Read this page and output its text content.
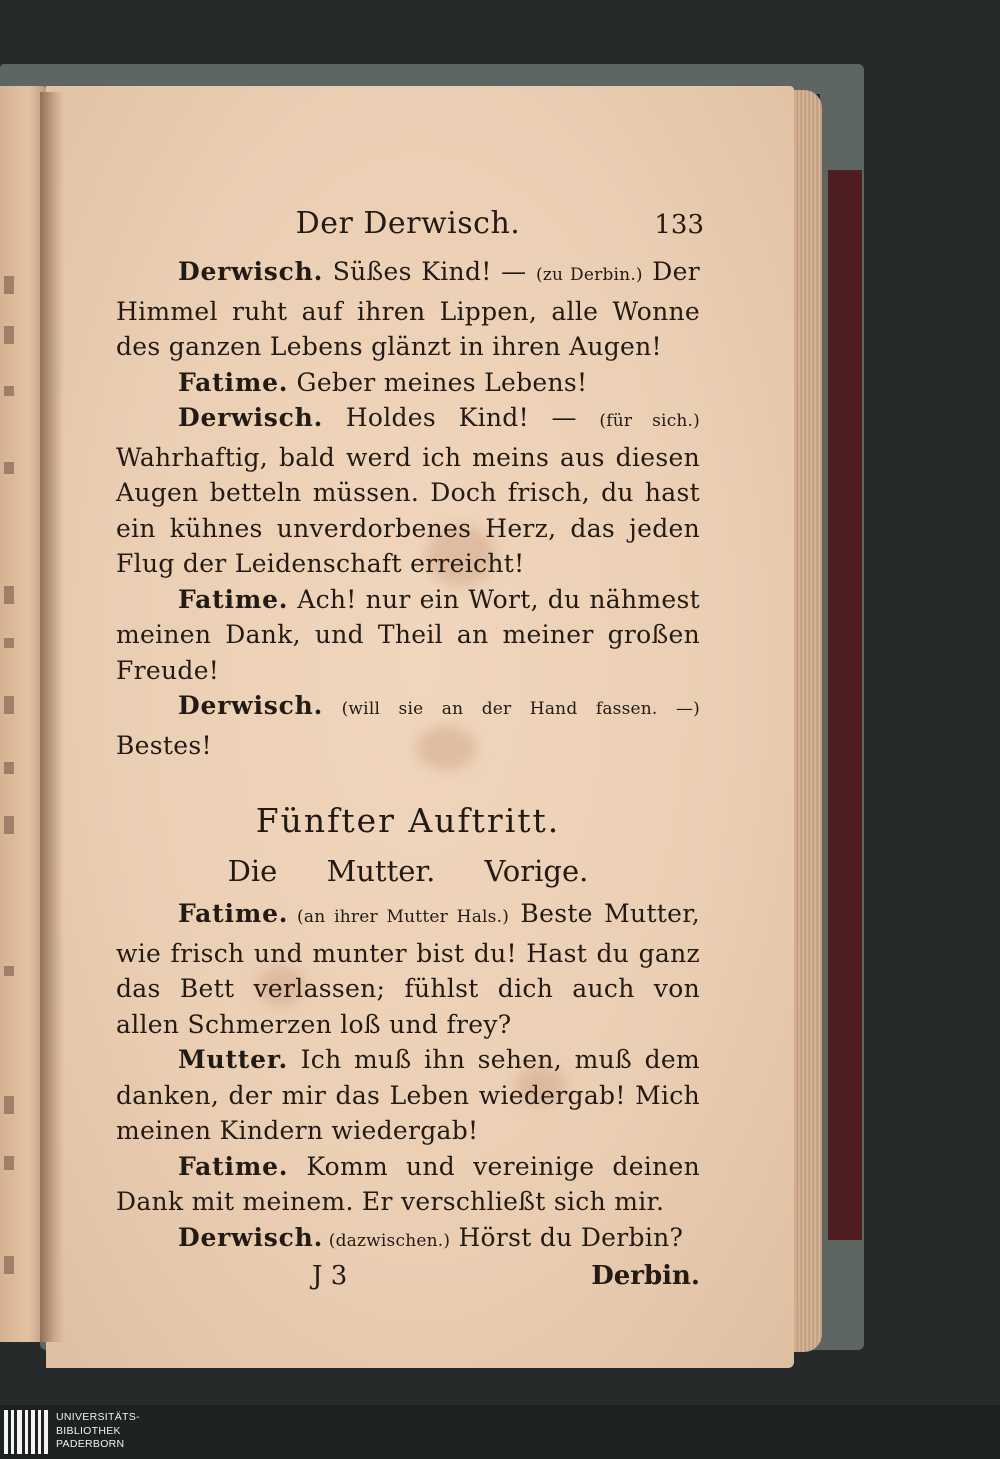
Der Derwisch.	133

Derwisch. Süßes Kind! — (zu Derbin.) Der Himmel ruht auf ihren Lippen, alle Wonne des ganzen Lebens glänzt in ihren Augen!

Fatime. Geber meines Lebens!

Derwisch. Holdes Kind! — (für sich.) Wahrhaftig, bald werd ich meins aus diesen Augen betteln müssen. Doch frisch, du hast ein kühnes unverdorbenes Herz, das jeden Flug der Leidenschaft erreicht!

Fatime. Ach! nur ein Wort, du nähmest meinen Dank, und Theil an meiner großen Freude!

Derwisch. (will sie an der Hand fassen. —) Bestes!

Fünfter Auftritt.
Die Mutter. Vorige.

Fatime. (an ihrer Mutter Hals.) Beste Mutter, wie frisch und munter bist du! Hast du ganz das Bett verlassen; fühlst dich auch von allen Schmerzen loß und frey?

Mutter. Ich muß ihn sehen, muß dem danken, der mir das Leben wiedergab! Mich meinen Kindern wiedergab!

Fatime. Komm und vereinige deinen Dank mit meinem. Er verschließt sich mir.

Derwisch. (dazwischen.) Hörst du Derbin?

J 3	Derbin.
UNIVERSITÄTS-
BIBLIOTHEK
PADERBORN
